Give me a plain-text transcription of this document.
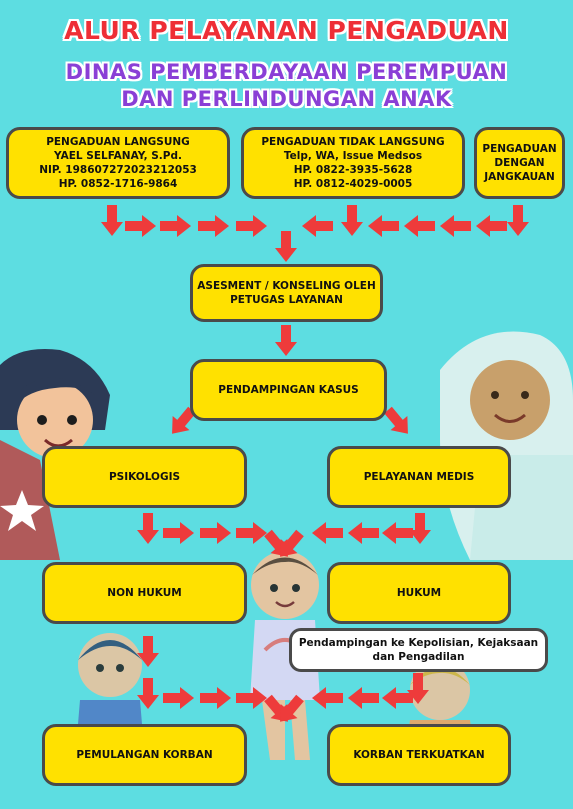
ALUR PELAYANAN PENGADUAN
DINAS PEMBERDAYAAN PEREMPUAN
DAN PERLINDUNGAN ANAK
PENGADUAN LANGSUNG
YAEL SELFANAY, S.Pd.
NIP. 198607272023212053
HP. 0852-1716-9864
PENGADUAN TIDAK LANGSUNG
Telp, WA, Issue Medsos
HP. 0822-3935-5628
HP. 0812-4029-0005
PENGADUAN
DENGAN
JANGKAUAN
ASESMENT / KONSELING OLEH
PETUGAS LAYANAN
PENDAMPINGAN KASUS
PSIKOLOGIS	PELAYANAN MEDIS
NON HUKUM	HUKUM
Pendampingan ke Kepolisian, Kejaksaan
dan Pengadilan
PEMULANGAN KORBAN	KORBAN TERKUATKAN
